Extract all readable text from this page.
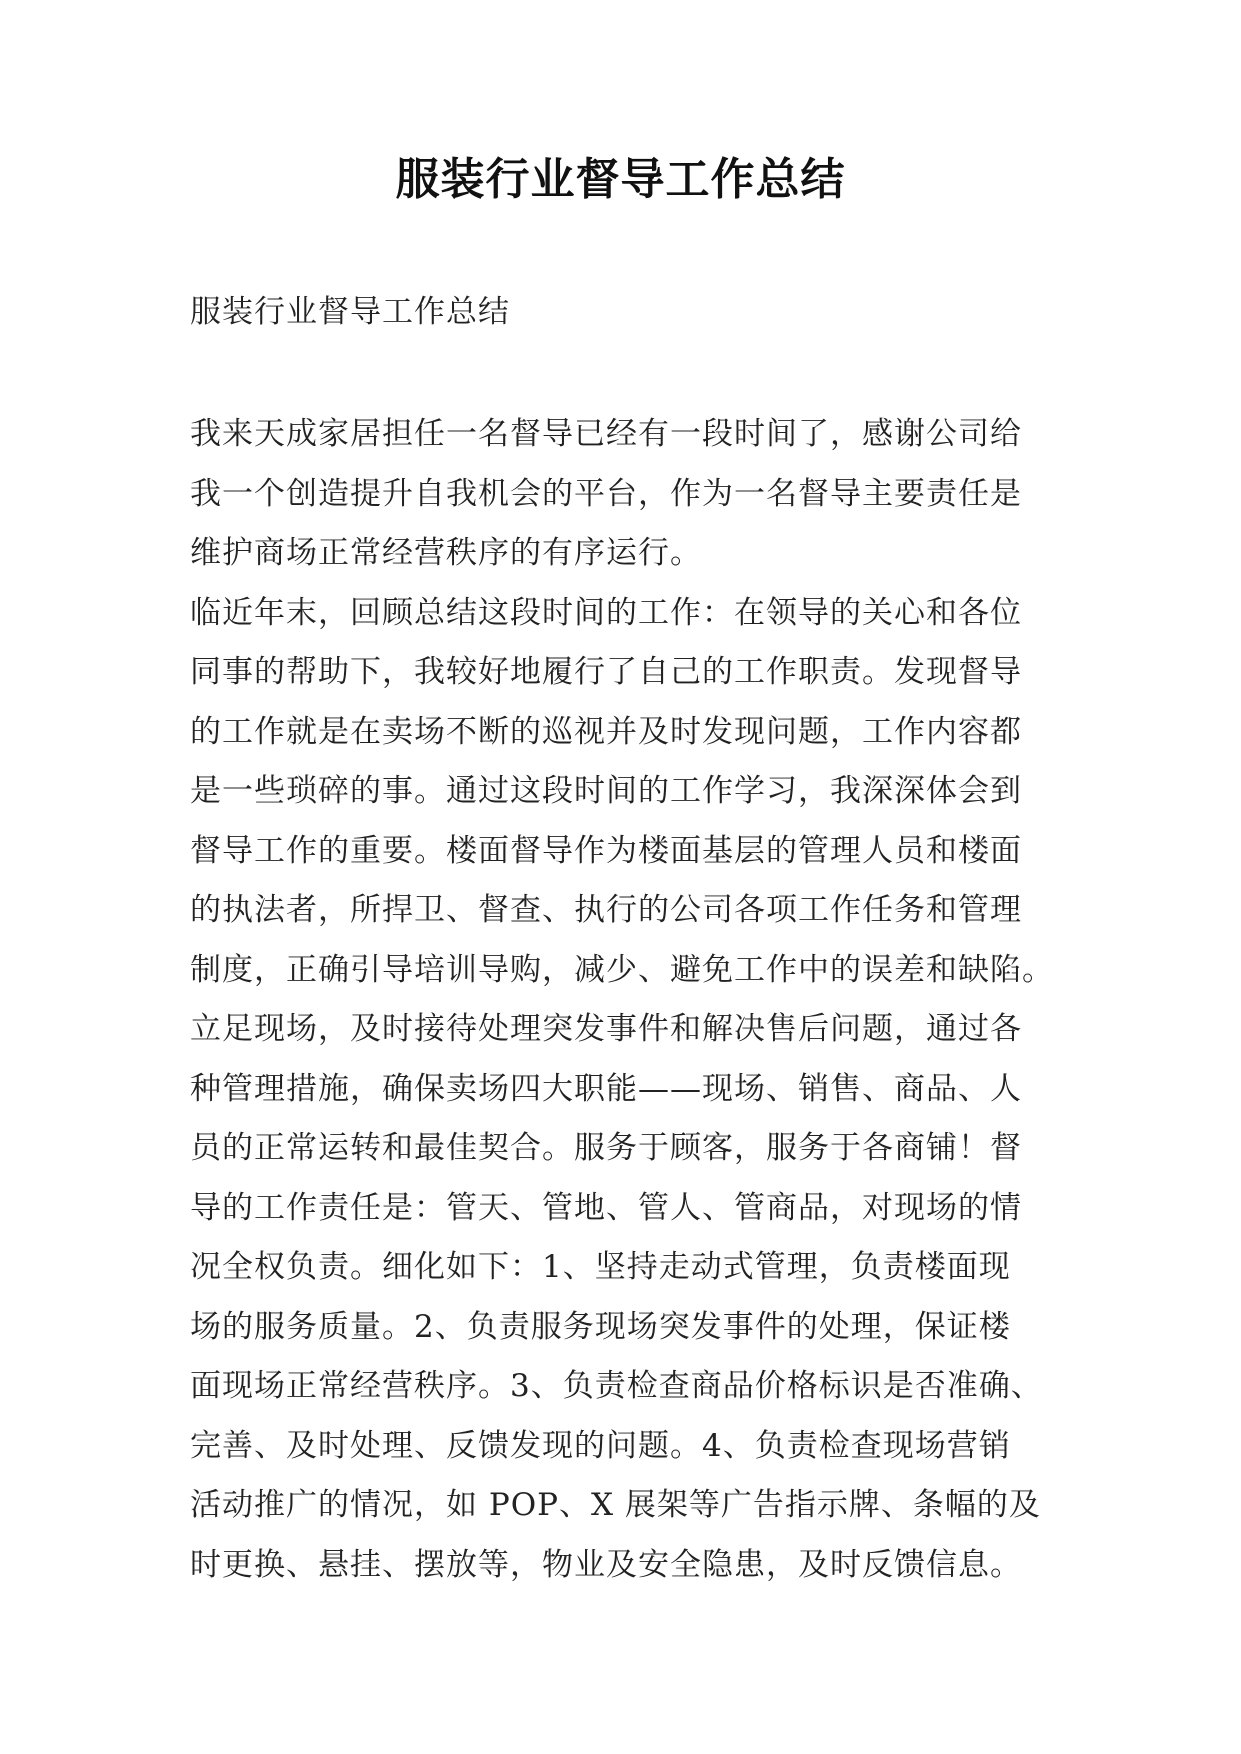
服装行业督导工作总结
服装行业督导工作总结
我来天成家居担任一名督导已经有一段时间了，感谢公司给
我一个创造提升自我机会的平台，作为一名督导主要责任是
维护商场正常经营秩序的有序运行。
临近年末，回顾总结这段时间的工作：在领导的关心和各位
同事的帮助下，我较好地履行了自己的工作职责。发现督导
的工作就是在卖场不断的巡视并及时发现问题，工作内容都
是一些琐碎的事。通过这段时间的工作学习，我深深体会到
督导工作的重要。楼面督导作为楼面基层的管理人员和楼面
的执法者，所捍卫、督查、执行的公司各项工作任务和管理
制度，正确引导培训导购，减少、避免工作中的误差和缺陷。
立足现场，及时接待处理突发事件和解决售后问题，通过各
种管理措施，确保卖场四大职能——现场、销售、商品、人
员的正常运转和最佳契合。服务于顾客，服务于各商铺！督
导的工作责任是：管天、管地、管人、管商品，对现场的情
况全权负责。细化如下：1、坚持走动式管理，负责楼面现
场的服务质量。2、负责服务现场突发事件的处理，保证楼
面现场正常经营秩序。3、负责检查商品价格标识是否准确、
完善、及时处理、反馈发现的问题。4、负责检查现场营销
活动推广的情况，如 POP、X 展架等广告指示牌、条幅的及
时更换、悬挂、摆放等，物业及安全隐患，及时反馈信息。
